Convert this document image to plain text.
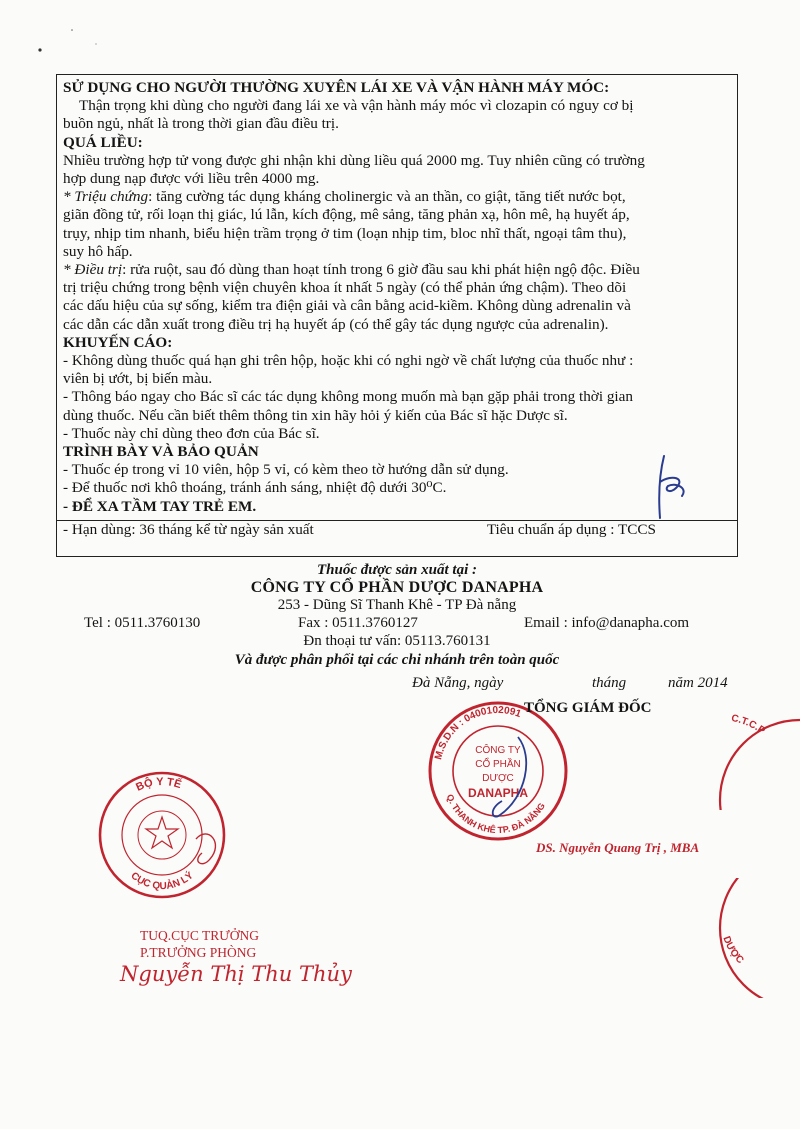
SỬ DỤNG CHO NGƯỜI THƯỜNG XUYÊN LÁI XE VÀ VẬN HÀNH MÁY MÓC:

Thận trọng khi dùng cho người đang lái xe và vận hành máy móc vì clozapin có nguy cơ bị

buồn ngủ, nhất là trong thời gian đầu điều trị.

QUÁ LIỀU:

Nhiều trường hợp tử vong được ghi nhận khi dùng liều quá 2000 mg. Tuy nhiên cũng có trường

hợp dung nạp được với liều trên 4000 mg.

* Triệu chứng: tăng cường tác dụng kháng cholinergic và an thần, co giật, tăng tiết nước bọt,

giãn đồng tử, rối loạn thị giác, lú lẫn, kích động, mê sảng, tăng phản xạ, hôn mê, hạ huyết áp,

trụy, nhịp tim nhanh, biểu hiện trầm trọng ở tim (loạn nhịp tim, bloc nhĩ thất, ngoại tâm thu),

suy hô hấp.

* Điều trị: rửa ruột, sau đó dùng than hoạt tính trong 6 giờ đầu sau khi phát hiện ngộ độc. Điều

trị triệu chứng trong bệnh viện chuyên khoa ít nhất 5 ngày (có thể phản ứng chậm). Theo dõi

các dấu hiệu của sự sống, kiểm tra điện giải và cân bằng acid-kiềm. Không dùng adrenalin và

các dẫn các dẫn xuất trong điều trị hạ huyết áp (có thể gây tác dụng ngược của adrenalin).

KHUYẾN CÁO:

- Không dùng thuốc quá hạn ghi trên hộp, hoặc khi có nghi ngờ về chất lượng của thuốc như :

viên bị ướt, bị biến màu.

- Thông báo ngay cho Bác sĩ các tác dụng không mong muốn mà bạn gặp phải trong thời gian

dùng thuốc. Nếu cần biết thêm thông tin xin hãy hỏi ý kiến của Bác sĩ hặc Dược sĩ.

- Thuốc này chỉ dùng theo đơn của Bác sĩ.

TRÌNH BÀY VÀ BẢO QUẢN

- Thuốc ép trong vỉ 10 viên, hộp 5 vỉ, có kèm theo tờ hướng dẫn sử dụng.

- Để thuốc nơi khô thoáng, tránh ánh sáng, nhiệt độ dưới 30⁰C.

- ĐỂ XA TẦM TAY TRẺ EM.

- Hạn dùng: 36 tháng kể từ ngày sản xuất	Tiêu chuẩn áp dụng : TCCS
Thuốc được sản xuất tại :
CÔNG TY CỔ PHẦN DƯỢC DANAPHA
253 - Dũng Sĩ Thanh Khê - TP Đà nẵng
Tel : 0511.3760130	Fax : 0511.3760127	Email : info@danapha.com
Đn thoại tư vấn: 05113.760131
Và được phân phối tại các chi nhánh trên toàn quốc
Đà Nẵng, ngày	tháng	năm 2014
M.S.D.N : 0400102091
Q. THANH KHÊ TP. ĐÀ NẴNG
CÔNG TY
CỔ PHẦN
DƯỢC
DANAPHA
TỔNG GIÁM ĐỐC
DS. Nguyễn Quang Trị , MBA
BỘ Y TẾ
CỤC QUẢN LÝ
TUQ.CỤC TRƯỞNG
P.TRƯỞNG PHÒNG
Nguyễn Thị Thu Thủy
C.T.C.P
DƯỢC
